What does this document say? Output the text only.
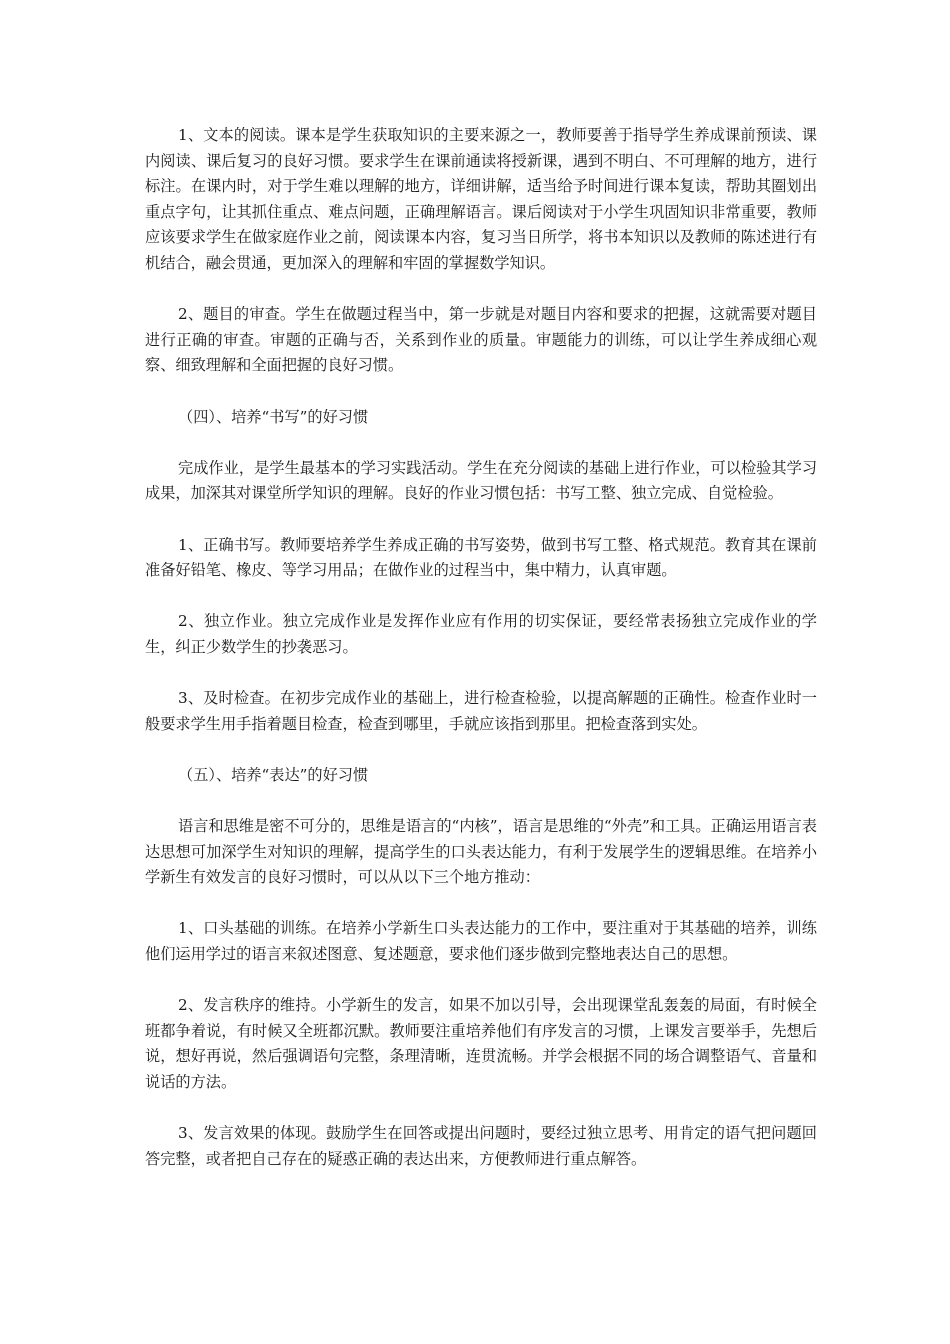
1、文本的阅读。课本是学生获取知识的主要来源之一，教师要善于指导学生养成课前预读、课内阅读、课后复习的良好习惯。要求学生在课前通读将授新课，遇到不明白、不可理解的地方，进行标注。在课内时，对于学生难以理解的地方，详细讲解，适当给予时间进行课本复读，帮助其圈划出重点字句，让其抓住重点、难点问题，正确理解语言。课后阅读对于小学生巩固知识非常重要，教师应该要求学生在做家庭作业之前，阅读课本内容，复习当日所学，将书本知识以及教师的陈述进行有机结合，融会贯通，更加深入的理解和牢固的掌握数学知识。

2、题目的审查。学生在做题过程当中，第一步就是对题目内容和要求的把握，这就需要对题目进行正确的审查。审题的正确与否，关系到作业的质量。审题能力的训练，可以让学生养成细心观察、细致理解和全面把握的良好习惯。

（四）、培养“书写”的好习惯

完成作业，是学生最基本的学习实践活动。学生在充分阅读的基础上进行作业，可以检验其学习成果，加深其对课堂所学知识的理解。良好的作业习惯包括：书写工整、独立完成、自觉检验。

1、正确书写。教师要培养学生养成正确的书写姿势，做到书写工整、格式规范。教育其在课前准备好铅笔、橡皮、等学习用品；在做作业的过程当中，集中精力，认真审题。

2、独立作业。独立完成作业是发挥作业应有作用的切实保证，要经常表扬独立完成作业的学生，纠正少数学生的抄袭恶习。

3、及时检查。在初步完成作业的基础上，进行检查检验，以提高解题的正确性。检查作业时一般要求学生用手指着题目检查，检查到哪里，手就应该指到那里。把检查落到实处。

（五）、培养“表达”的好习惯

语言和思维是密不可分的，思维是语言的“内核”，语言是思维的“外壳”和工具。正确运用语言表达思想可加深学生对知识的理解，提高学生的口头表达能力，有利于发展学生的逻辑思维。在培养小学新生有效发言的良好习惯时，可以从以下三个地方推动：

1、口头基础的训练。在培养小学新生口头表达能力的工作中，要注重对于其基础的培养，训练他们运用学过的语言来叙述图意、复述题意，要求他们逐步做到完整地表达自己的思想。

2、发言秩序的维持。小学新生的发言，如果不加以引导，会出现课堂乱轰轰的局面，有时候全班都争着说，有时候又全班都沉默。教师要注重培养他们有序发言的习惯，上课发言要举手，先想后说，想好再说，然后强调语句完整，条理清晰，连贯流畅。并学会根据不同的场合调整语气、音量和说话的方法。

3、发言效果的体现。鼓励学生在回答或提出问题时，要经过独立思考、用肯定的语气把问题回答完整，或者把自己存在的疑惑正确的表达出来，方便教师进行重点解答。
